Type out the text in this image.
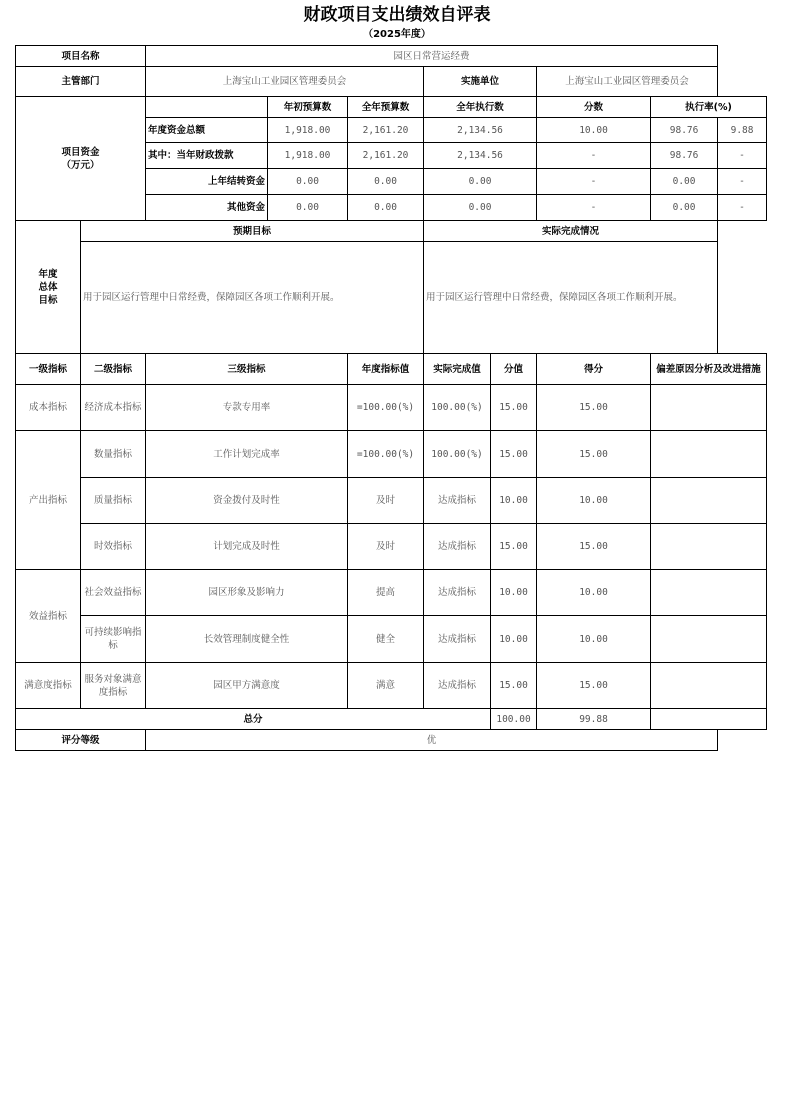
财政项目支出绩效自评表
（2025年度）
项目名称		园区日常营运经费							
主管部门		上海宝山工业园区管理委员会			实施单位		上海宝山工业园区管理委员会		
项目资金
（万元）			年初预算数	全年预算数	全年执行数		分数	执行率(%)	
		年度资金总额	1,918.00	2,161.20	2,134.56		10.00	98.76	9.88
		其中：当年财政拨款	1,918.00	2,161.20	2,134.56		-	98.76	-
		上年结转资金	0.00	0.00	0.00		-	0.00	-
		其他资金	0.00	0.00	0.00		-	0.00	-
年度
总体
目标	预期目标				实际完成情况				
	用于园区运行管理中日常经费，保障园区各项工作顺利开展。				用于园区运行管理中日常经费，保障园区各项工作顺利开展。				
一级指标	二级指标	三级指标		年度指标值	实际完成值	分值	得分	偏差原因分析及改进措施	
成本指标	经济成本指标	专款专用率		=100.00(%)	100.00(%)	15.00	15.00		
产出指标	数量指标	工作计划完成率		=100.00(%)	100.00(%)	15.00	15.00		
	质量指标	资金拨付及时性		及时	达成指标	10.00	10.00		
	时效指标	计划完成及时性		及时	达成指标	15.00	15.00		
效益指标	社会效益指标	园区形象及影响力		提高	达成指标	10.00	10.00		
	可持续影响指标	长效管理制度健全性		健全	达成指标	10.00	10.00		
满意度指标	服务对象满意度指标	园区甲方满意度		满意	达成指标	15.00	15.00		
总分						100.00	99.88		
评分等级		优							
